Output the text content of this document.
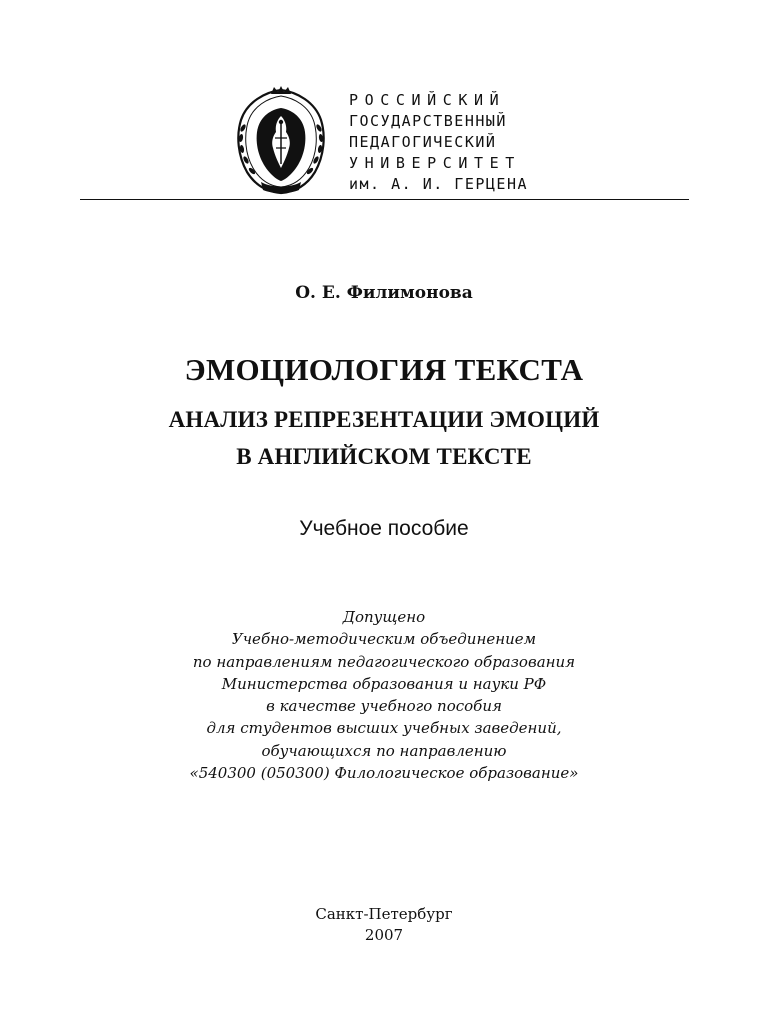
РОССИЙСКИЙ
ГОСУДАРСТВЕННЫЙ
ПЕДАГОГИЧЕСКИЙ
УНИВЕРСИТЕТ
им. А. И. ГЕРЦЕНА
О. Е. Филимонова
ЭМОЦИОЛОГИЯ ТЕКСТА
АНАЛИЗ РЕПРЕЗЕНТАЦИИ ЭМОЦИЙ
В АНГЛИЙСКОМ ТЕКСТЕ
Учебное пособие
Допущено
Учебно-методическим объединением
по направлениям педагогического образования
Министерства образования и науки РФ
в качестве учебного пособия
для студентов высших учебных заведений,
обучающихся по направлению
«540300 (050300) Филологическое образование»
Санкт-Петербург
2007
